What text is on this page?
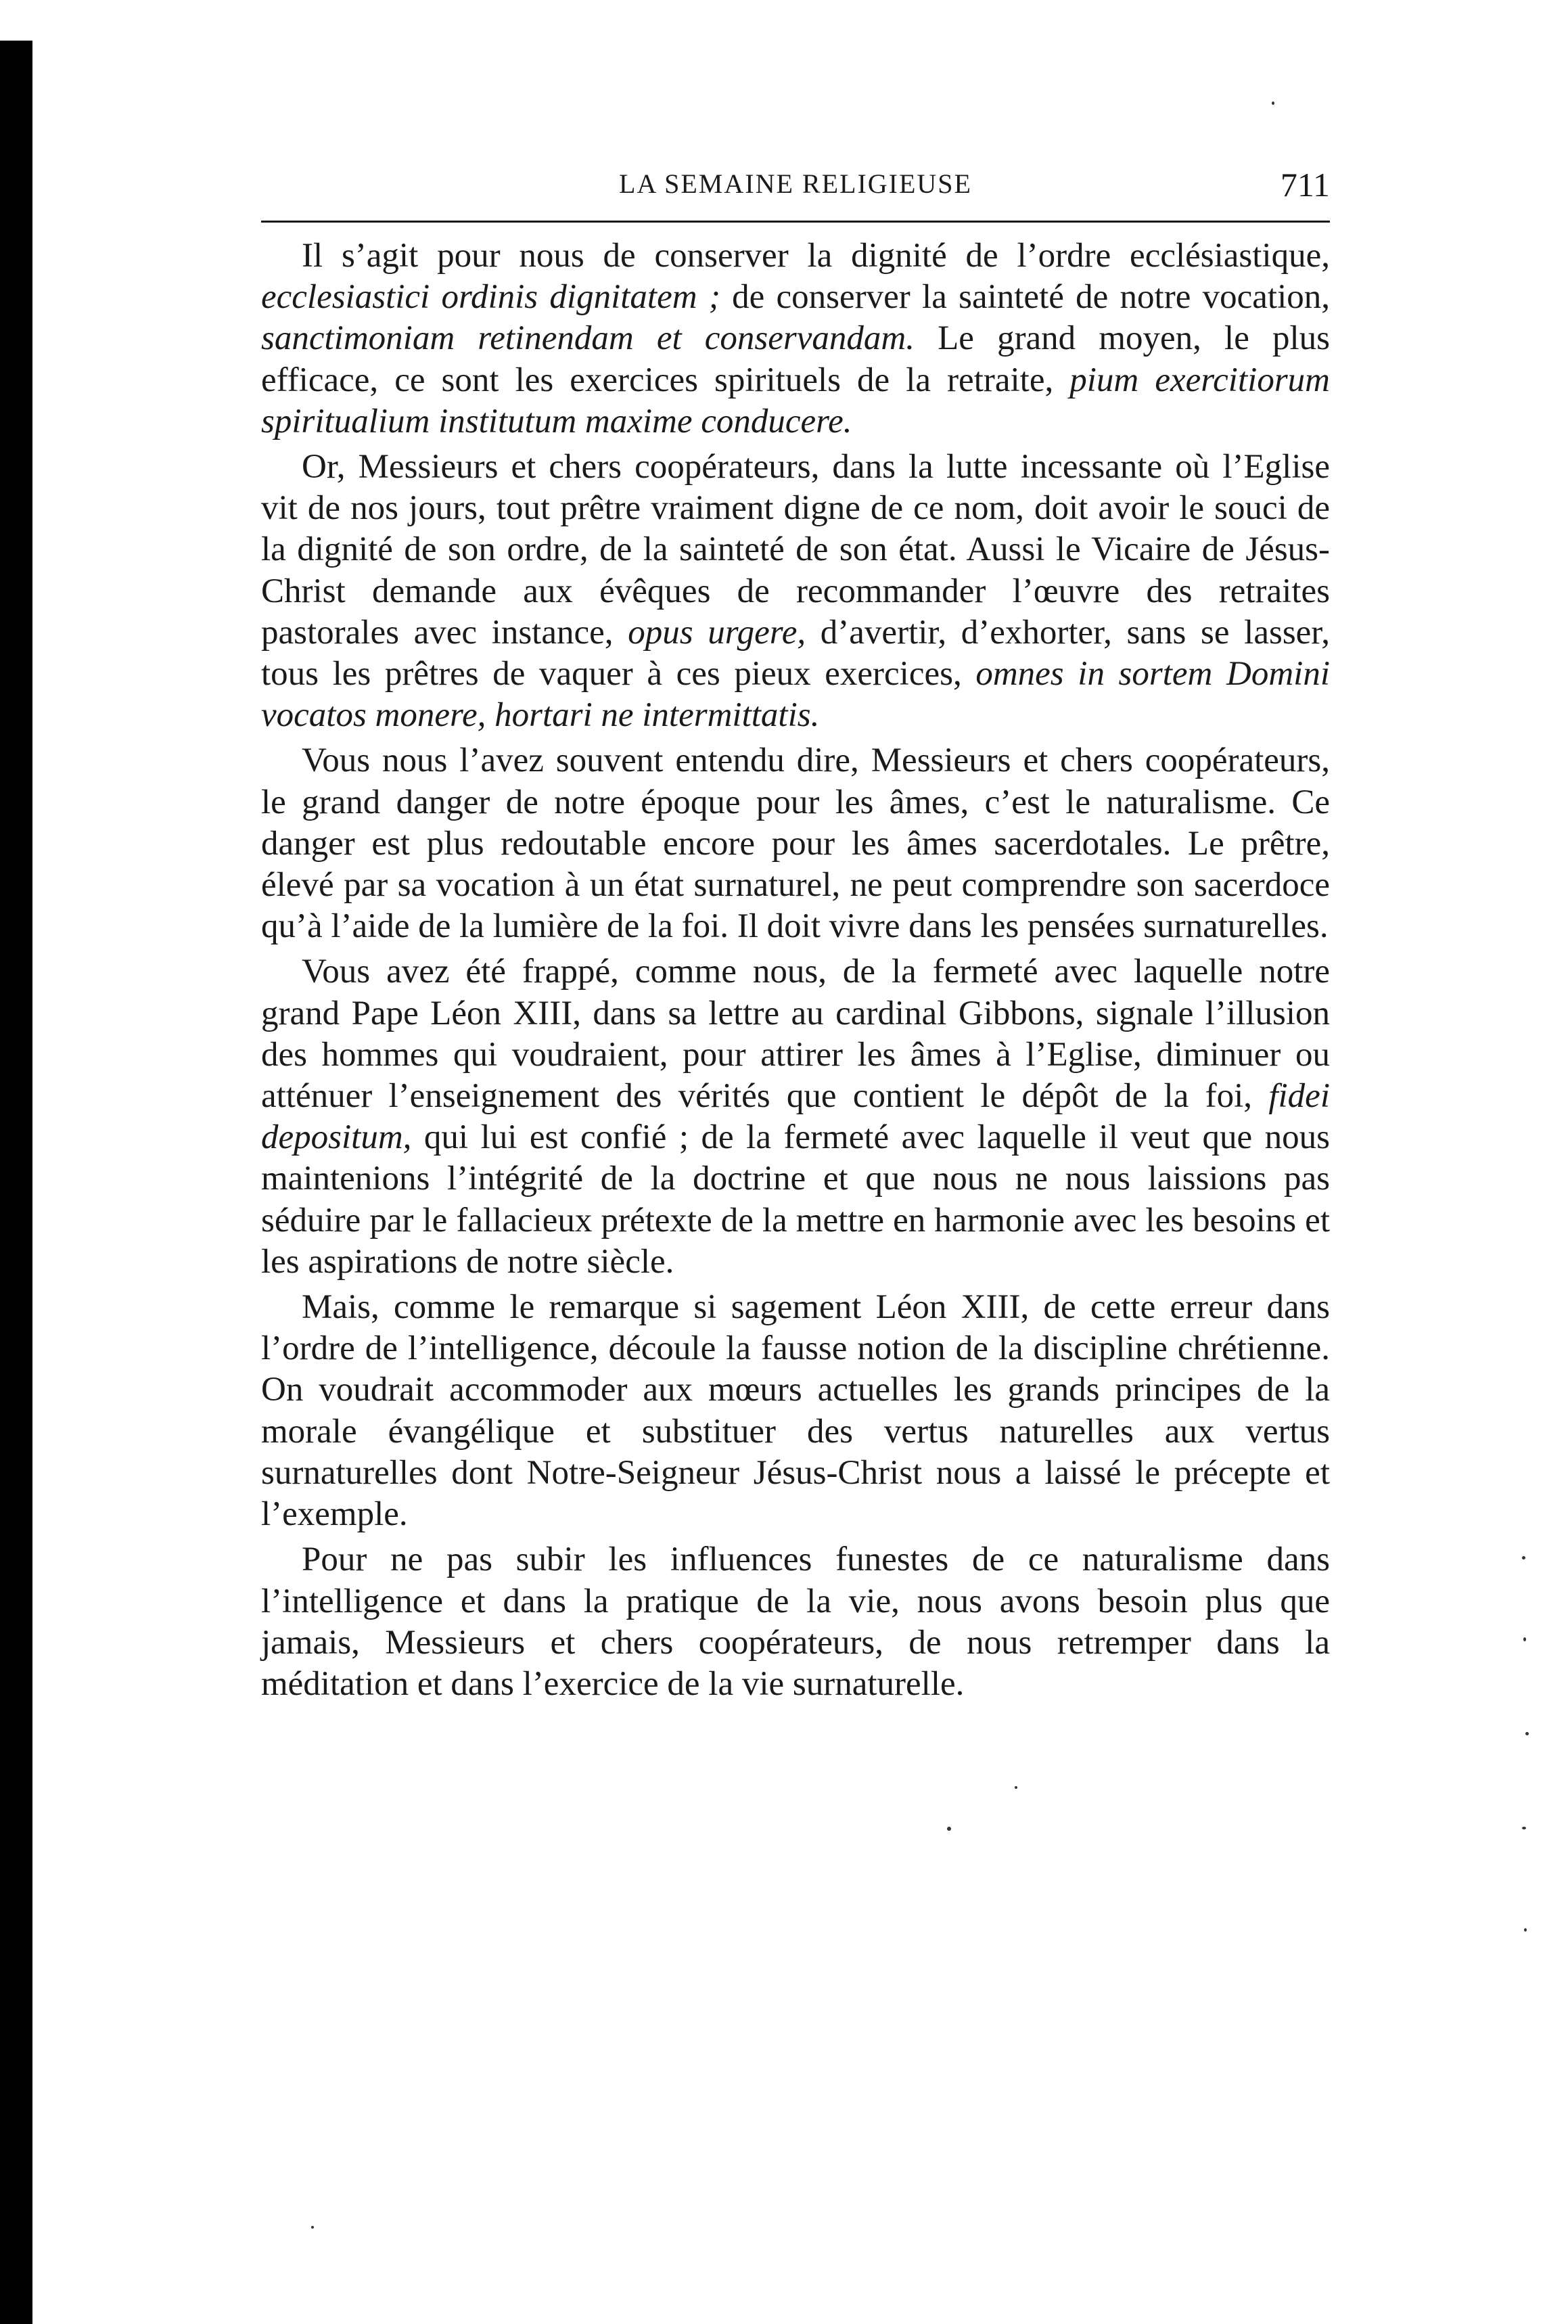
LA SEMAINE RELIGIEUSE	711

Il s’agit pour nous de conserver la dignité de l’ordre ecclésiastique, ecclesiastici ordinis dignitatem ; de conserver la sainteté de notre vocation, sanctimoniam retinendam et conservandam. Le grand moyen, le plus efficace, ce sont les exercices spirituels de la retraite, pium exercitiorum spiritualium institutum maxime conducere.

Or, Messieurs et chers coopérateurs, dans la lutte incessante où l’Eglise vit de nos jours, tout prêtre vraiment digne de ce nom, doit avoir le souci de la dignité de son ordre, de la sainteté de son état. Aussi le Vicaire de Jésus-Christ demande aux évêques de recommander l’œuvre des retraites pastorales avec instance, opus urgere, d’avertir, d’exhorter, sans se lasser, tous les prêtres de vaquer à ces pieux exercices, omnes in sortem Domini vocatos monere, hortari ne intermittatis.

Vous nous l’avez souvent entendu dire, Messieurs et chers coopérateurs, le grand danger de notre époque pour les âmes, c’est le naturalisme. Ce danger est plus redoutable encore pour les âmes sacerdotales. Le prêtre, élevé par sa vocation à un état surnaturel, ne peut comprendre son sacerdoce qu’à l’aide de la lumière de la foi. Il doit vivre dans les pensées surnaturelles.

Vous avez été frappé, comme nous, de la fermeté avec laquelle notre grand Pape Léon XIII, dans sa lettre au cardinal Gibbons, signale l’illusion des hommes qui voudraient, pour attirer les âmes à l’Eglise, diminuer ou atténuer l’enseignement des vérités que contient le dépôt de la foi, fidei depositum, qui lui est confié ; de la fermeté avec laquelle il veut que nous maintenions l’intégrité de la doctrine et que nous ne nous laissions pas séduire par le fallacieux prétexte de la mettre en harmonie avec les besoins et les aspirations de notre siècle.

Mais, comme le remarque si sagement Léon XIII, de cette erreur dans l’ordre de l’intelligence, découle la fausse notion de la discipline chrétienne. On voudrait accommoder aux mœurs actuelles les grands principes de la morale évangélique et substituer des vertus naturelles aux vertus surnaturelles dont Notre-Seigneur Jésus-Christ nous a laissé le précepte et l’exemple.

Pour ne pas subir les influences funestes de ce naturalisme dans l’intelligence et dans la pratique de la vie, nous avons besoin plus que jamais, Messieurs et chers coopérateurs, de nous retremper dans la méditation et dans l’exercice de la vie surnaturelle.
